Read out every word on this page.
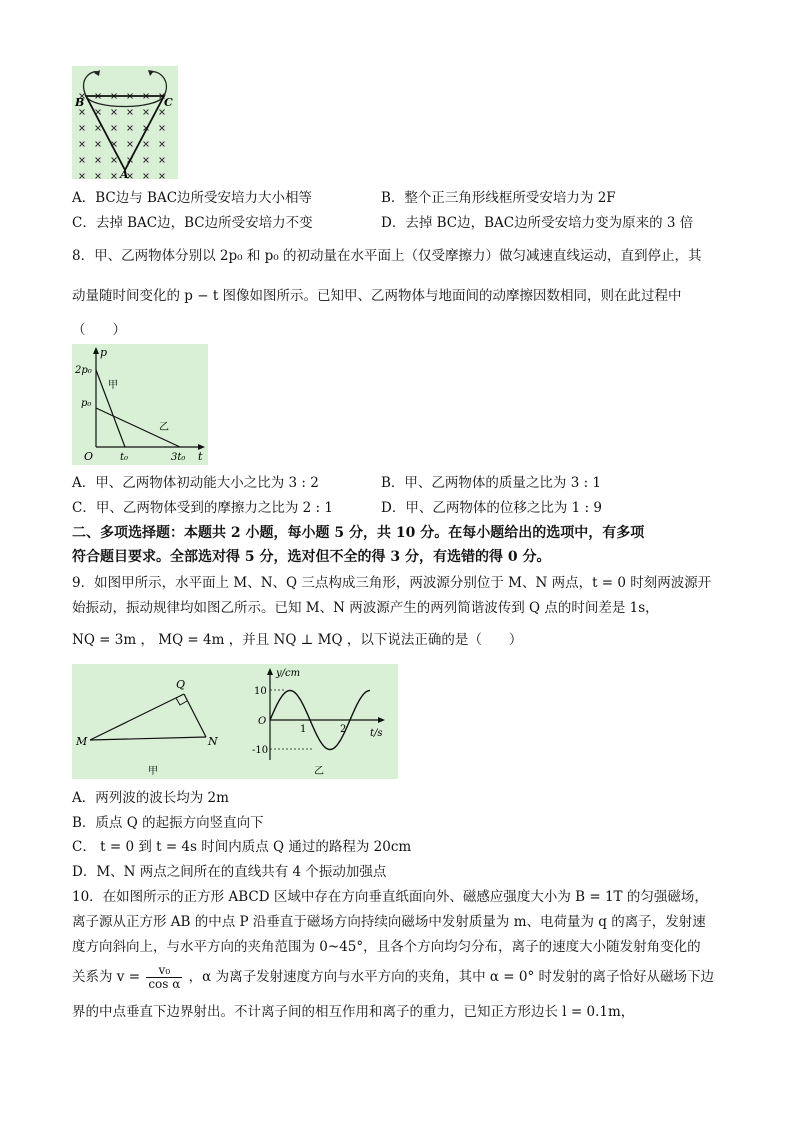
B	C
A
A．BC边与 BAC边所受安培力大小相等	B．整个正三角形线框所受安培力为 2F
C．去掉 BAC边，BC边所受安培力不变	D．去掉 BC边，BAC边所受安培力变为原来的 3 倍
8．甲、乙两物体分别以 2p₀ 和 p₀ 的初动量在水平面上（仅受摩擦力）做匀减速直线运动，直到停止，其
动量随时间变化的 p − t 图像如图所示。已知甲、乙两物体与地面间的动摩擦因数相同，则在此过程中
（　　）
p
t
O
2p₀
p₀
t₀	3t₀
甲
乙
A．甲、乙两物体初动能大小之比为 3 : 2	B．甲、乙两物体的质量之比为 3 : 1
C．甲、乙两物体受到的摩擦力之比为 2 : 1	D．甲、乙两物体的位移之比为 1 : 9
二、多项选择题：本题共 2 小题，每小题 5 分，共 10 分。在每小题给出的选项中，有多项
符合题目要求。全部选对得 5 分，选对但不全的得 3 分，有选错的得 0 分。
9．如图甲所示，水平面上 M、N、Q 三点构成三角形，两波源分别位于 M、N 两点，t = 0 时刻两波源开
始振动，振动规律均如图乙所示。已知 M、N 两波源产生的两列简谐波传到 Q 点的时间差是 1s，
NQ = 3m ， MQ = 4m ，并且 NQ ⊥ MQ ，以下说法正确的是（　　）
M	N
Q
甲
y/cm
t/s
10
O
-10
1	2
乙
A．两列波的波长均为 2m
B．质点 Q 的起振方向竖直向下
C． t = 0 到 t = 4s 时间内质点 Q 通过的路程为 20cm
D．M、N 两点之间所在的直线共有 4 个振动加强点
10．在如图所示的正方形 ABCD 区域中存在方向垂直纸面向外、磁感应强度大小为 B = 1T 的匀强磁场，
离子源从正方形 AB 的中点 P 沿垂直于磁场方向持续向磁场中发射质量为 m、电荷量为 q 的离子，发射速
度方向斜向上，与水平方向的夹角范围为 0~45°，且各个方向均匀分布，离子的速度大小随发射角变化的
关系为 $v = \frac{\text{v₀}}{\text{cos α}}$ ，α 为离子发射速度方向与水平方向的夹角，其中 α = 0° 时发射的离子恰好从磁场下边
界的中点垂直下边界射出。不计离子间的相互作用和离子的重力，已知正方形边长 l = 0.1m，
